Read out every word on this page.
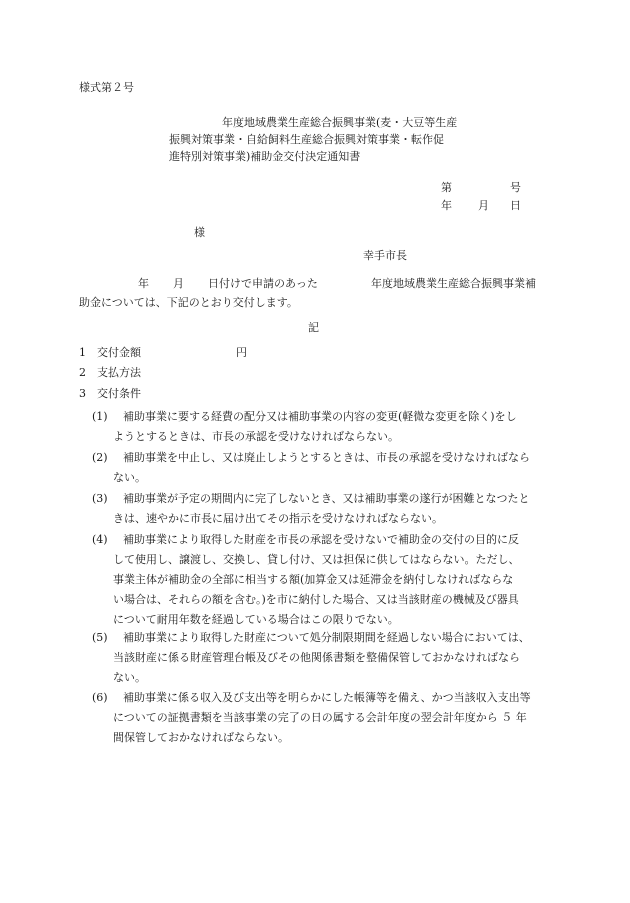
様式第２号
年度地域農業生産総合振興事業(麦・大豆等生産
振興対策事業・自給飼料生産総合振興対策事業・転作促
進特別対策事業)補助金交付決定通知書
第	号
年 月 日
様
幸手市長
年 月 日付けで申請のあった	年度地域農業生産総合振興事業補
助金については、下記のとおり交付します。
記
1　交付金額	円
2　支払方法
3　交付条件
(1)	補助事業に要する経費の配分又は補助事業の内容の変更(軽微な変更を除く)をし
ようとするときは、市長の承認を受けなければならない。
(2)	補助事業を中止し、又は廃止しようとするときは、市長の承認を受けなければなら
ない。
(3)	補助事業が予定の期間内に完了しないとき、又は補助事業の遂行が困難となつたと
きは、速やかに市長に届け出てその指示を受けなければならない。
(4)	補助事業により取得した財産を市長の承認を受けないで補助金の交付の目的に反
して使用し、譲渡し、交換し、貸し付け、又は担保に供してはならない。ただし、
事業主体が補助金の全部に相当する額(加算金又は延滞金を納付しなければならな
い場合は、それらの額を含む。)を市に納付した場合、又は当該財産の機械及び器具
について耐用年数を経過している場合はこの限りでない。
(5)	補助事業により取得した財産について処分制限期間を経過しない場合においては、
当該財産に係る財産管理台帳及びその他関係書類を整備保管しておかなければなら
ない。
(6)	補助事業に係る収入及び支出等を明らかにした帳簿等を備え、かつ当該収入支出等
についての証拠書類を当該事業の完了の日の属する会計年度の翌会計年度から ５ 年
間保管しておかなければならない。
